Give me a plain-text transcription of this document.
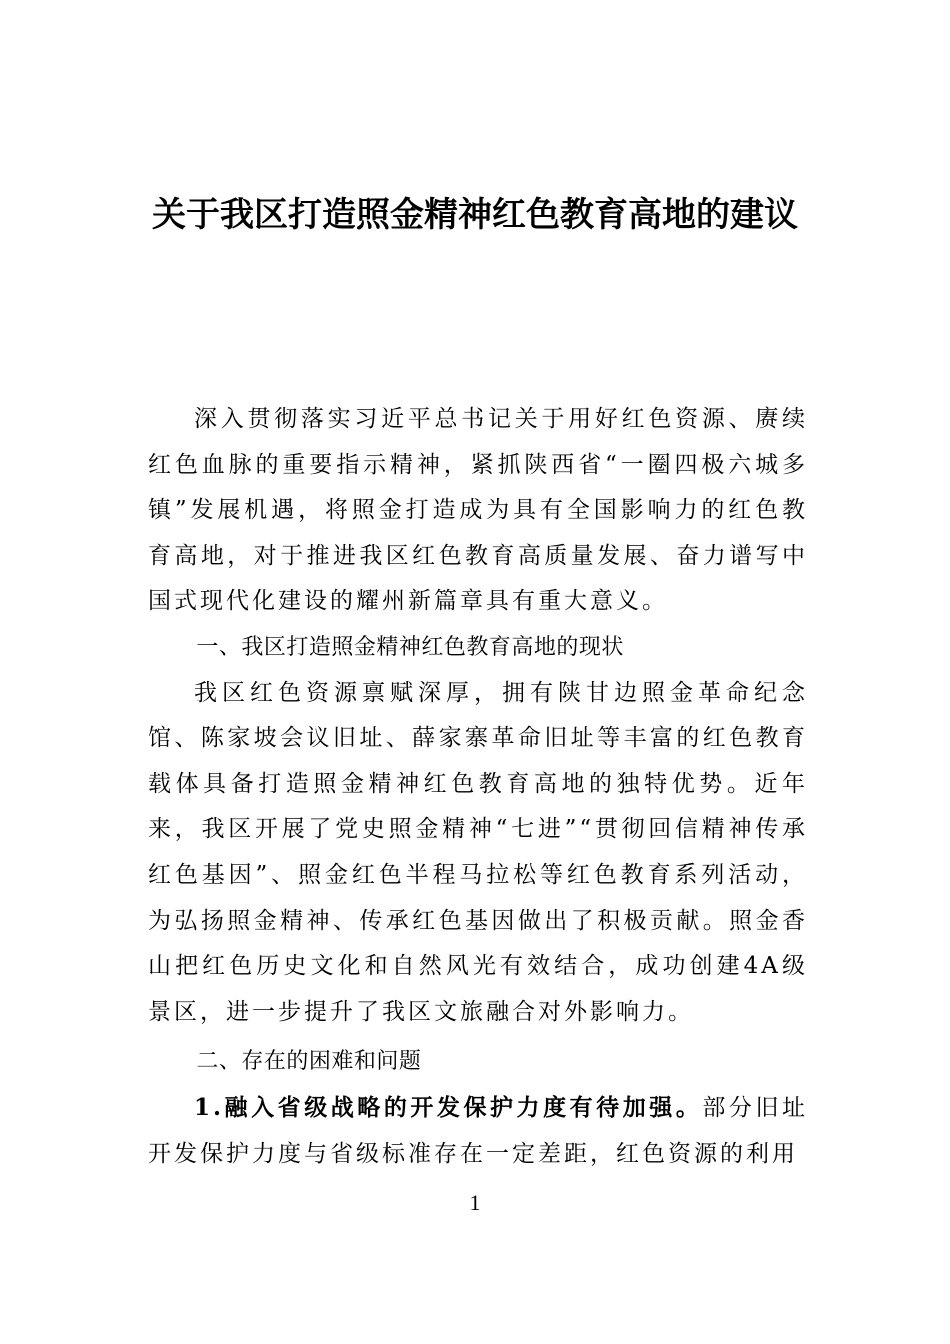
关于我区打造照金精神红色教育高地的建议

深入贯彻落实习近平总书记关于用好红色资源、赓续红色血脉的重要指示精神，紧抓陕西省“一圈四极六城多镇”发展机遇，将照金打造成为具有全国影响力的红色教育高地，对于推进我区红色教育高质量发展、奋力谱写中国式现代化建设的耀州新篇章具有重大意义。

一、我区打造照金精神红色教育高地的现状

我区红色资源禀赋深厚，拥有陕甘边照金革命纪念馆、陈家坡会议旧址、薛家寨革命旧址等丰富的红色教育载体具备打造照金精神红色教育高地的独特优势。近年来，我区开展了党史照金精神“七进”“贯彻回信精神传承红色基因”、照金红色半程马拉松等红色教育系列活动，为弘扬照金精神、传承红色基因做出了积极贡献。照金香山把红色历史文化和自然风光有效结合，成功创建4A级景区，进一步提升了我区文旅融合对外影响力。

二、存在的困难和问题

1.融入省级战略的开发保护力度有待加强。部分旧址开发保护力度与省级标准存在一定差距，红色资源的利用

1
